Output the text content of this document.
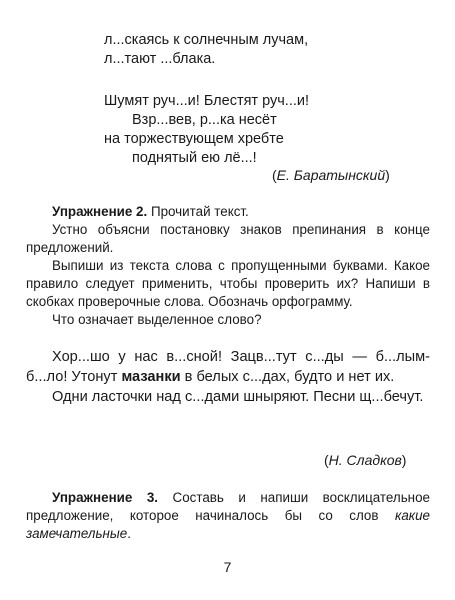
л...скаясь к солнечным лучам,
л...тают ...блака.
Шумят руч...и! Блестят руч...и!
Взр...вев, р...ка несёт
на торжествующем хребте
поднятый ею лё...!
(Е. Баратынский)

Упражнение 2. Прочитай текст.

Устно объясни постановку знаков препинания в конце предложений.

Выпиши из текста слова с пропущенными буквами. Какое правило следует применить, чтобы проверить их? Напиши в скобках проверочные слова. Обозначь орфограмму.

Что означает выделенное слово?

Хор...шо у нас в...сной! Зацв...тут с...ды — б...лым-б...ло! Утонут мазанки в белых с...дах, будто и нет их.

Одни ласточки над с...дами шныряют. Песни щ...бечут.

(Н. Сладков)

Упражнение 3. Составь и напиши восклицательное предложение, которое начиналось бы со слов какие замечательные.

7
